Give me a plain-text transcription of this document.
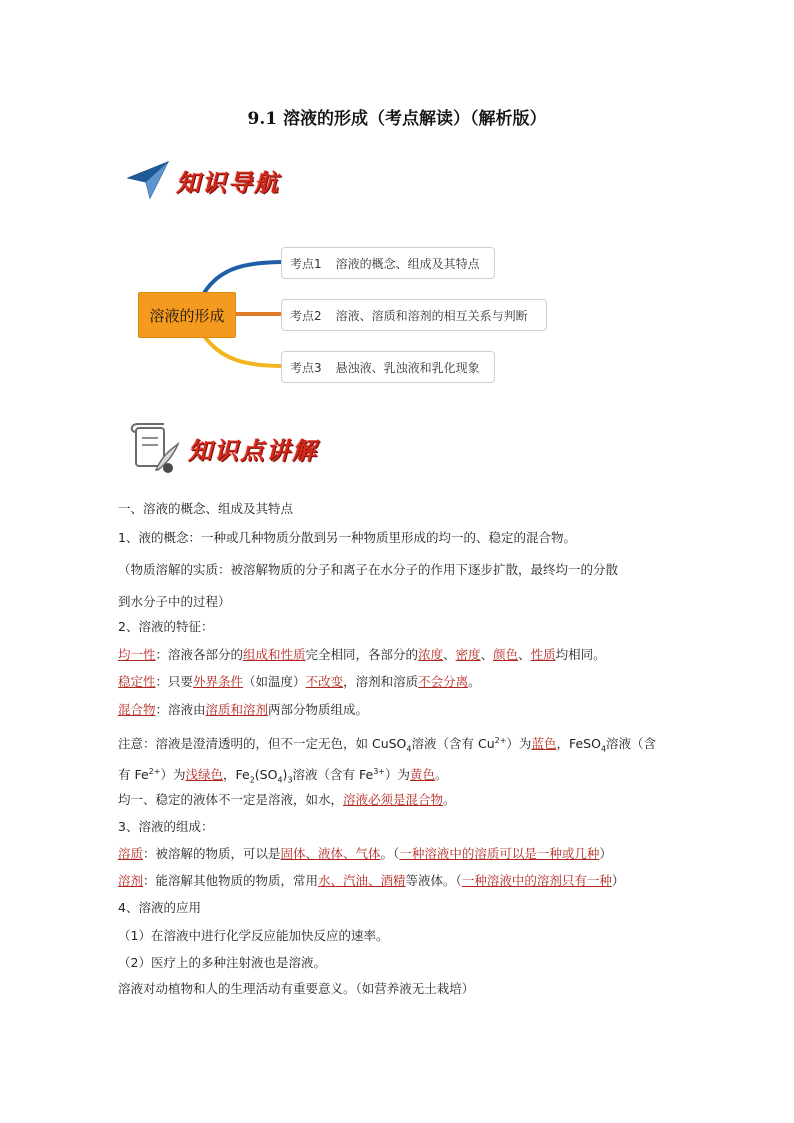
9.1 溶液的形成（考点解读）（解析版）
知识导航
溶液的形成
考点1 溶液的概念、组成及其特点
考点2 溶液、溶质和溶剂的相互关系与判断
考点3 悬浊液、乳浊液和乳化现象
知识点讲解
一、溶液的概念、组成及其特点
1、液的概念：一种或几种物质分散到另一种物质里形成的均一的、稳定的混合物。
（物质溶解的实质：被溶解物质的分子和离子在水分子的作用下逐步扩散，最终均一的分散
到水分子中的过程）
2、溶液的特征：
均一性：溶液各部分的组成和性质完全相同，各部分的浓度、密度、颜色、性质均相同。
稳定性：只要外界条件（如温度）不改变，溶剂和溶质不会分离。
混合物：溶液由溶质和溶剂两部分物质组成。
注意：溶液是澄清透明的，但不一定无色，如 CuSO$_4$溶液（含有 $Cu^{2+}$）为蓝色，FeSO$_4$溶液（含
有 $Fe^{2+}$）为浅绿色，$Fe_2(SO_4)_3$溶液（含有 $Fe^{3+}$）为黄色。
均一、稳定的液体不一定是溶液，如水，溶液必须是混合物。
3、溶液的组成：
溶质：被溶解的物质，可以是固体、液体、气体。（一种溶液中的溶质可以是一种或几种）
溶剂：能溶解其他物质的物质，常用水、汽油、酒精等液体。（一种溶液中的溶剂只有一种）
4、溶液的应用
（1）在溶液中进行化学反应能加快反应的速率。
（2）医疗上的多种注射液也是溶液。
溶液对动植物和人的生理活动有重要意义。（如营养液无土栽培）
